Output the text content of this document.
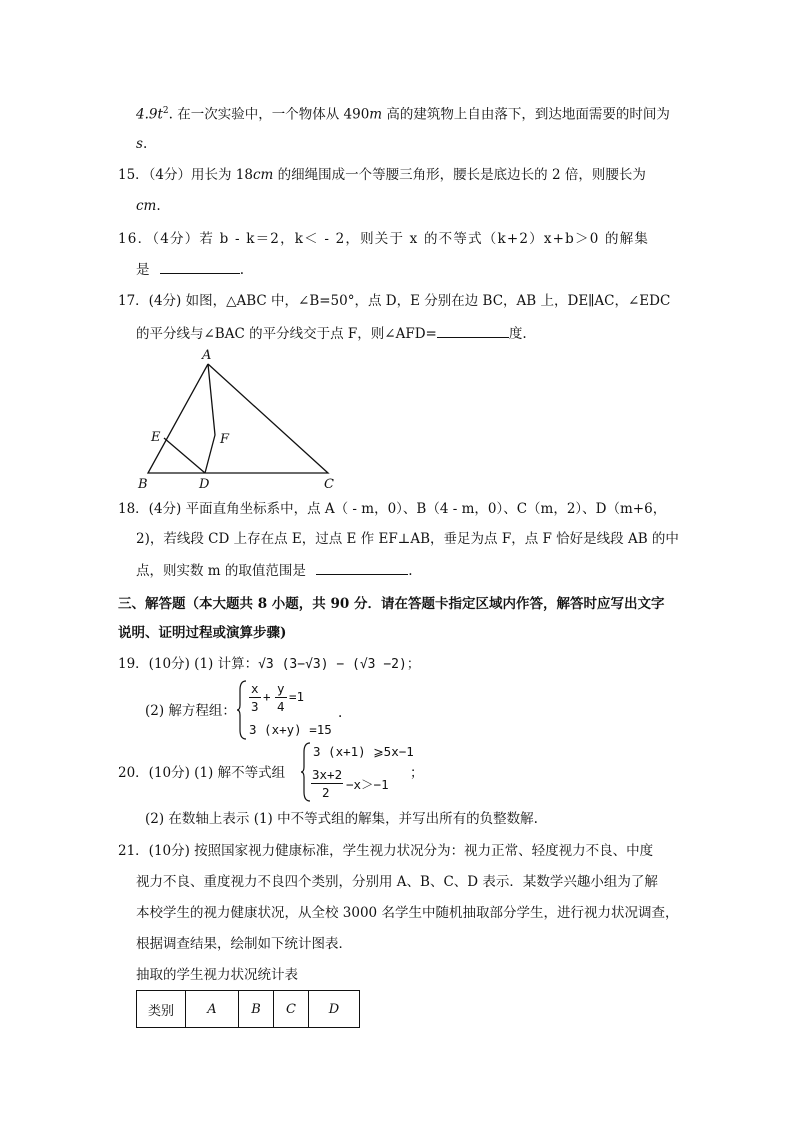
$4.9t^2$. 在一次实验中，一个物体从 490m 高的建筑物上自由落下，到达地面需要的时间为
s.
15．（4分）用长为 18cm 的细绳围成一个等腰三角形，腰长是底边长的 2 倍，则腰长为
cm.
16．（4分）若 b - k＝2，k＜ - 2，则关于 x 的不等式（k+2）x+b＞0 的解集
是	.
17．(4分) 如图，△ABC 中，∠B=50°，点 D，E 分别在边 BC，AB 上，DE∥AC，∠EDC
的平分线与∠BAC 的平分线交于点 F，则∠AFD=	度.
A
E	F
B	D	C
18．(4分) 平面直角坐标系中，点 A（ - m，0）、B（4 - m，0）、C（m，2）、D（m+6，
2)，若线段 CD 上存在点 E，过点 E 作 EF⊥AB，垂足为点 F，点 F 恰好是线段 AB 的中
点，则实数 m 的取值范围是	.
三、解答题（本大题共 8 小题，共 90 分．请在答题卡指定区域内作答，解答时应写出文字
说明、证明过程或演算步骤)
19．(10分) (1) 计算：√3 (3−√3) − (√3 −2)；
(2) 解方程组：
x
3
+
y
4
=1
3 (x+y) =15
.
20．(10分) (1) 解不等式组
3 (x+1) ⩾5x−1
3x+2
2
−x＞−1
；
(2) 在数轴上表示 (1) 中不等式组的解集，并写出所有的负整数解.
21．(10分) 按照国家视力健康标准，学生视力状况分为：视力正常、轻度视力不良、中度
视力不良、重度视力不良四个类别，分别用 A、B、C、D 表示．某数学兴趣小组为了解
本校学生的视力健康状况，从全校 3000 名学生中随机抽取部分学生，进行视力状况调查，
根据调查结果，绘制如下统计图表．
抽取的学生视力状况统计表
类别	A	B	C	D
